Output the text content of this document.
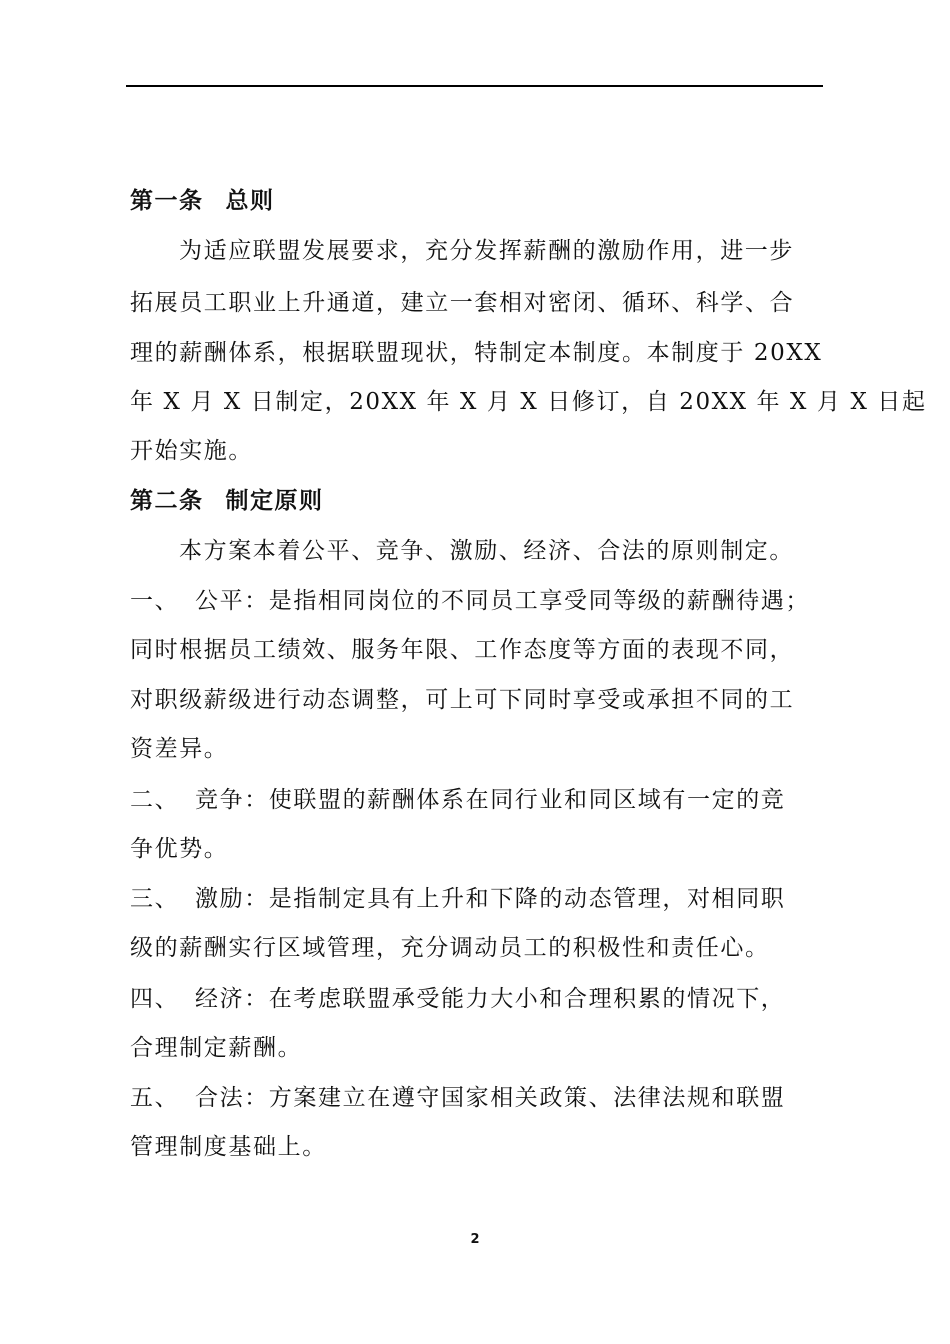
第一条 总则
为适应联盟发展要求，充分发挥薪酬的激励作用，进一步
拓展员工职业上升通道，建立一套相对密闭、循环、科学、合
理的薪酬体系，根据联盟现状，特制定本制度。本制度于 20XX
年 X 月 X 日制定，20XX 年 X 月 X 日修订，自 20XX 年 X 月 X 日起
开始实施。
第二条 制定原则
本方案本着公平、竞争、激励、经济、合法的原则制定。
一、 公平：是指相同岗位的不同员工享受同等级的薪酬待遇；
同时根据员工绩效、服务年限、工作态度等方面的表现不同，
对职级薪级进行动态调整，可上可下同时享受或承担不同的工
资差异。
二、 竞争：使联盟的薪酬体系在同行业和同区域有一定的竞
争优势。
三、 激励：是指制定具有上升和下降的动态管理，对相同职
级的薪酬实行区域管理，充分调动员工的积极性和责任心。
四、 经济：在考虑联盟承受能力大小和合理积累的情况下，
合理制定薪酬。
五、 合法：方案建立在遵守国家相关政策、法律法规和联盟
管理制度基础上。
2
